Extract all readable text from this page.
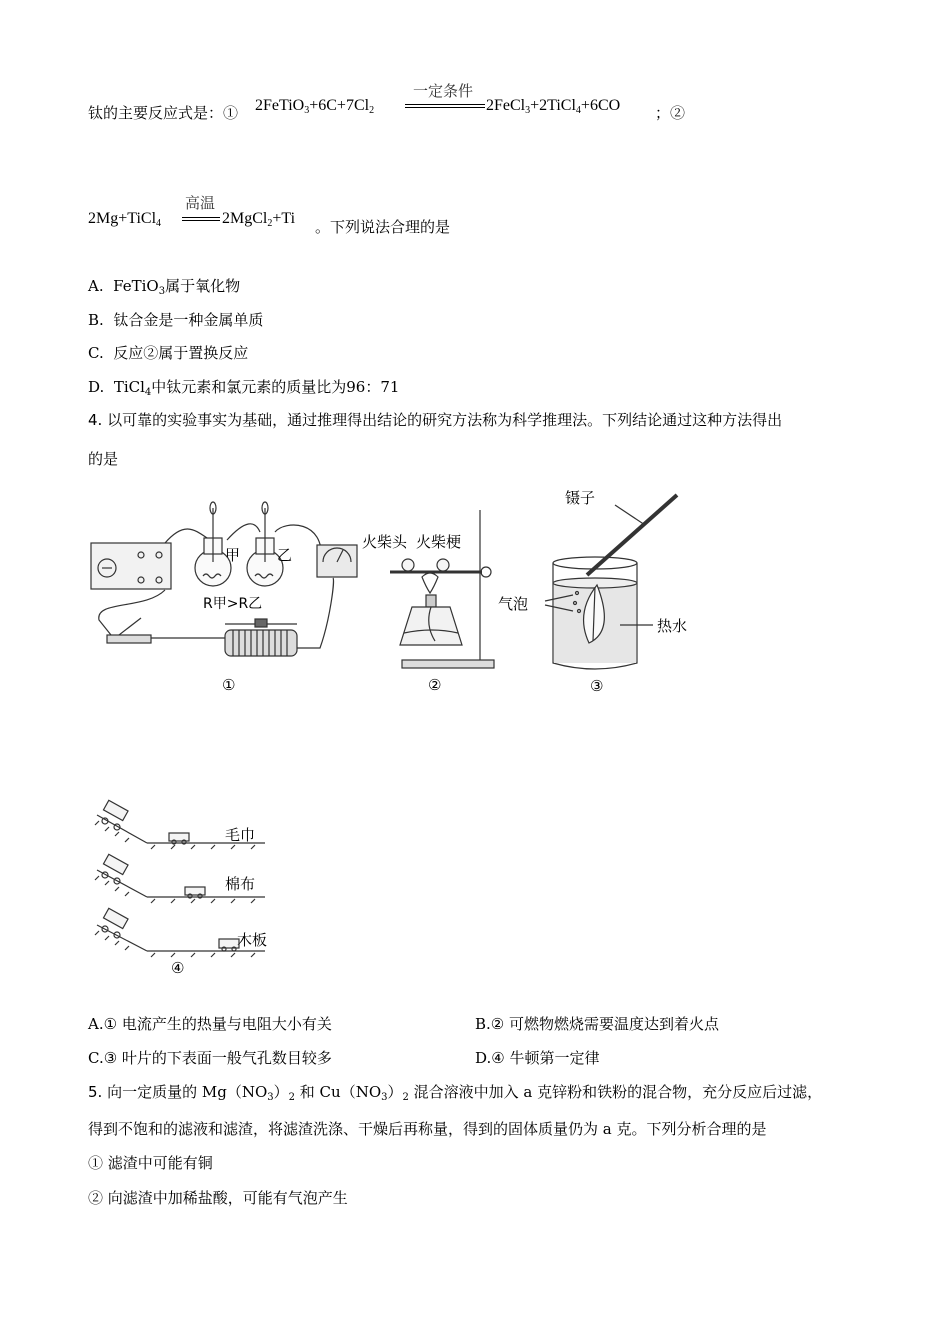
钛的主要反应式是：① $2FeTiO_3+6C+7Cl_2$
一定条件
2FeCl$_3$+2TiCl$_4$+6CO ；②
2Mg+TiCl$_4$
高温
2MgCl$_2$+Ti 。下列说法合理的是
A. FeTiO$_3$属于氧化物
B. 钛合金是一种金属单质
C. 反应②属于置换反应
D. TiCl$_4$中钛元素和氯元素的质量比为96：71
4. 以可靠的实验事实为基础，通过推理得出结论的研究方法称为科学推理法。下列结论通过这种方法得出
的是
甲 乙
R甲>R乙
①
火柴头 火柴梗
②
镊子
气泡
热水
③
毛巾
棉布
木板
④
A.① 电流产生的热量与电阻大小有关	B.② 可燃物燃烧需要温度达到着火点
C.③ 叶片的下表面一般气孔数目较多	D.④ 牛顿第一定律
5. 向一定质量的 $Mg(NO_3)_2$ 和 $Cu(NO_3)_2$ 混合溶液中加入 a 克锌粉和铁粉的混合物，充分反应后过滤，
得到不饱和的滤液和滤渣，将滤渣洗涤、干燥后再称量，得到的固体质量仍为 a 克。下列分析合理的是
① 滤渣中可能有铜
② 向滤渣中加稀盐酸，可能有气泡产生
